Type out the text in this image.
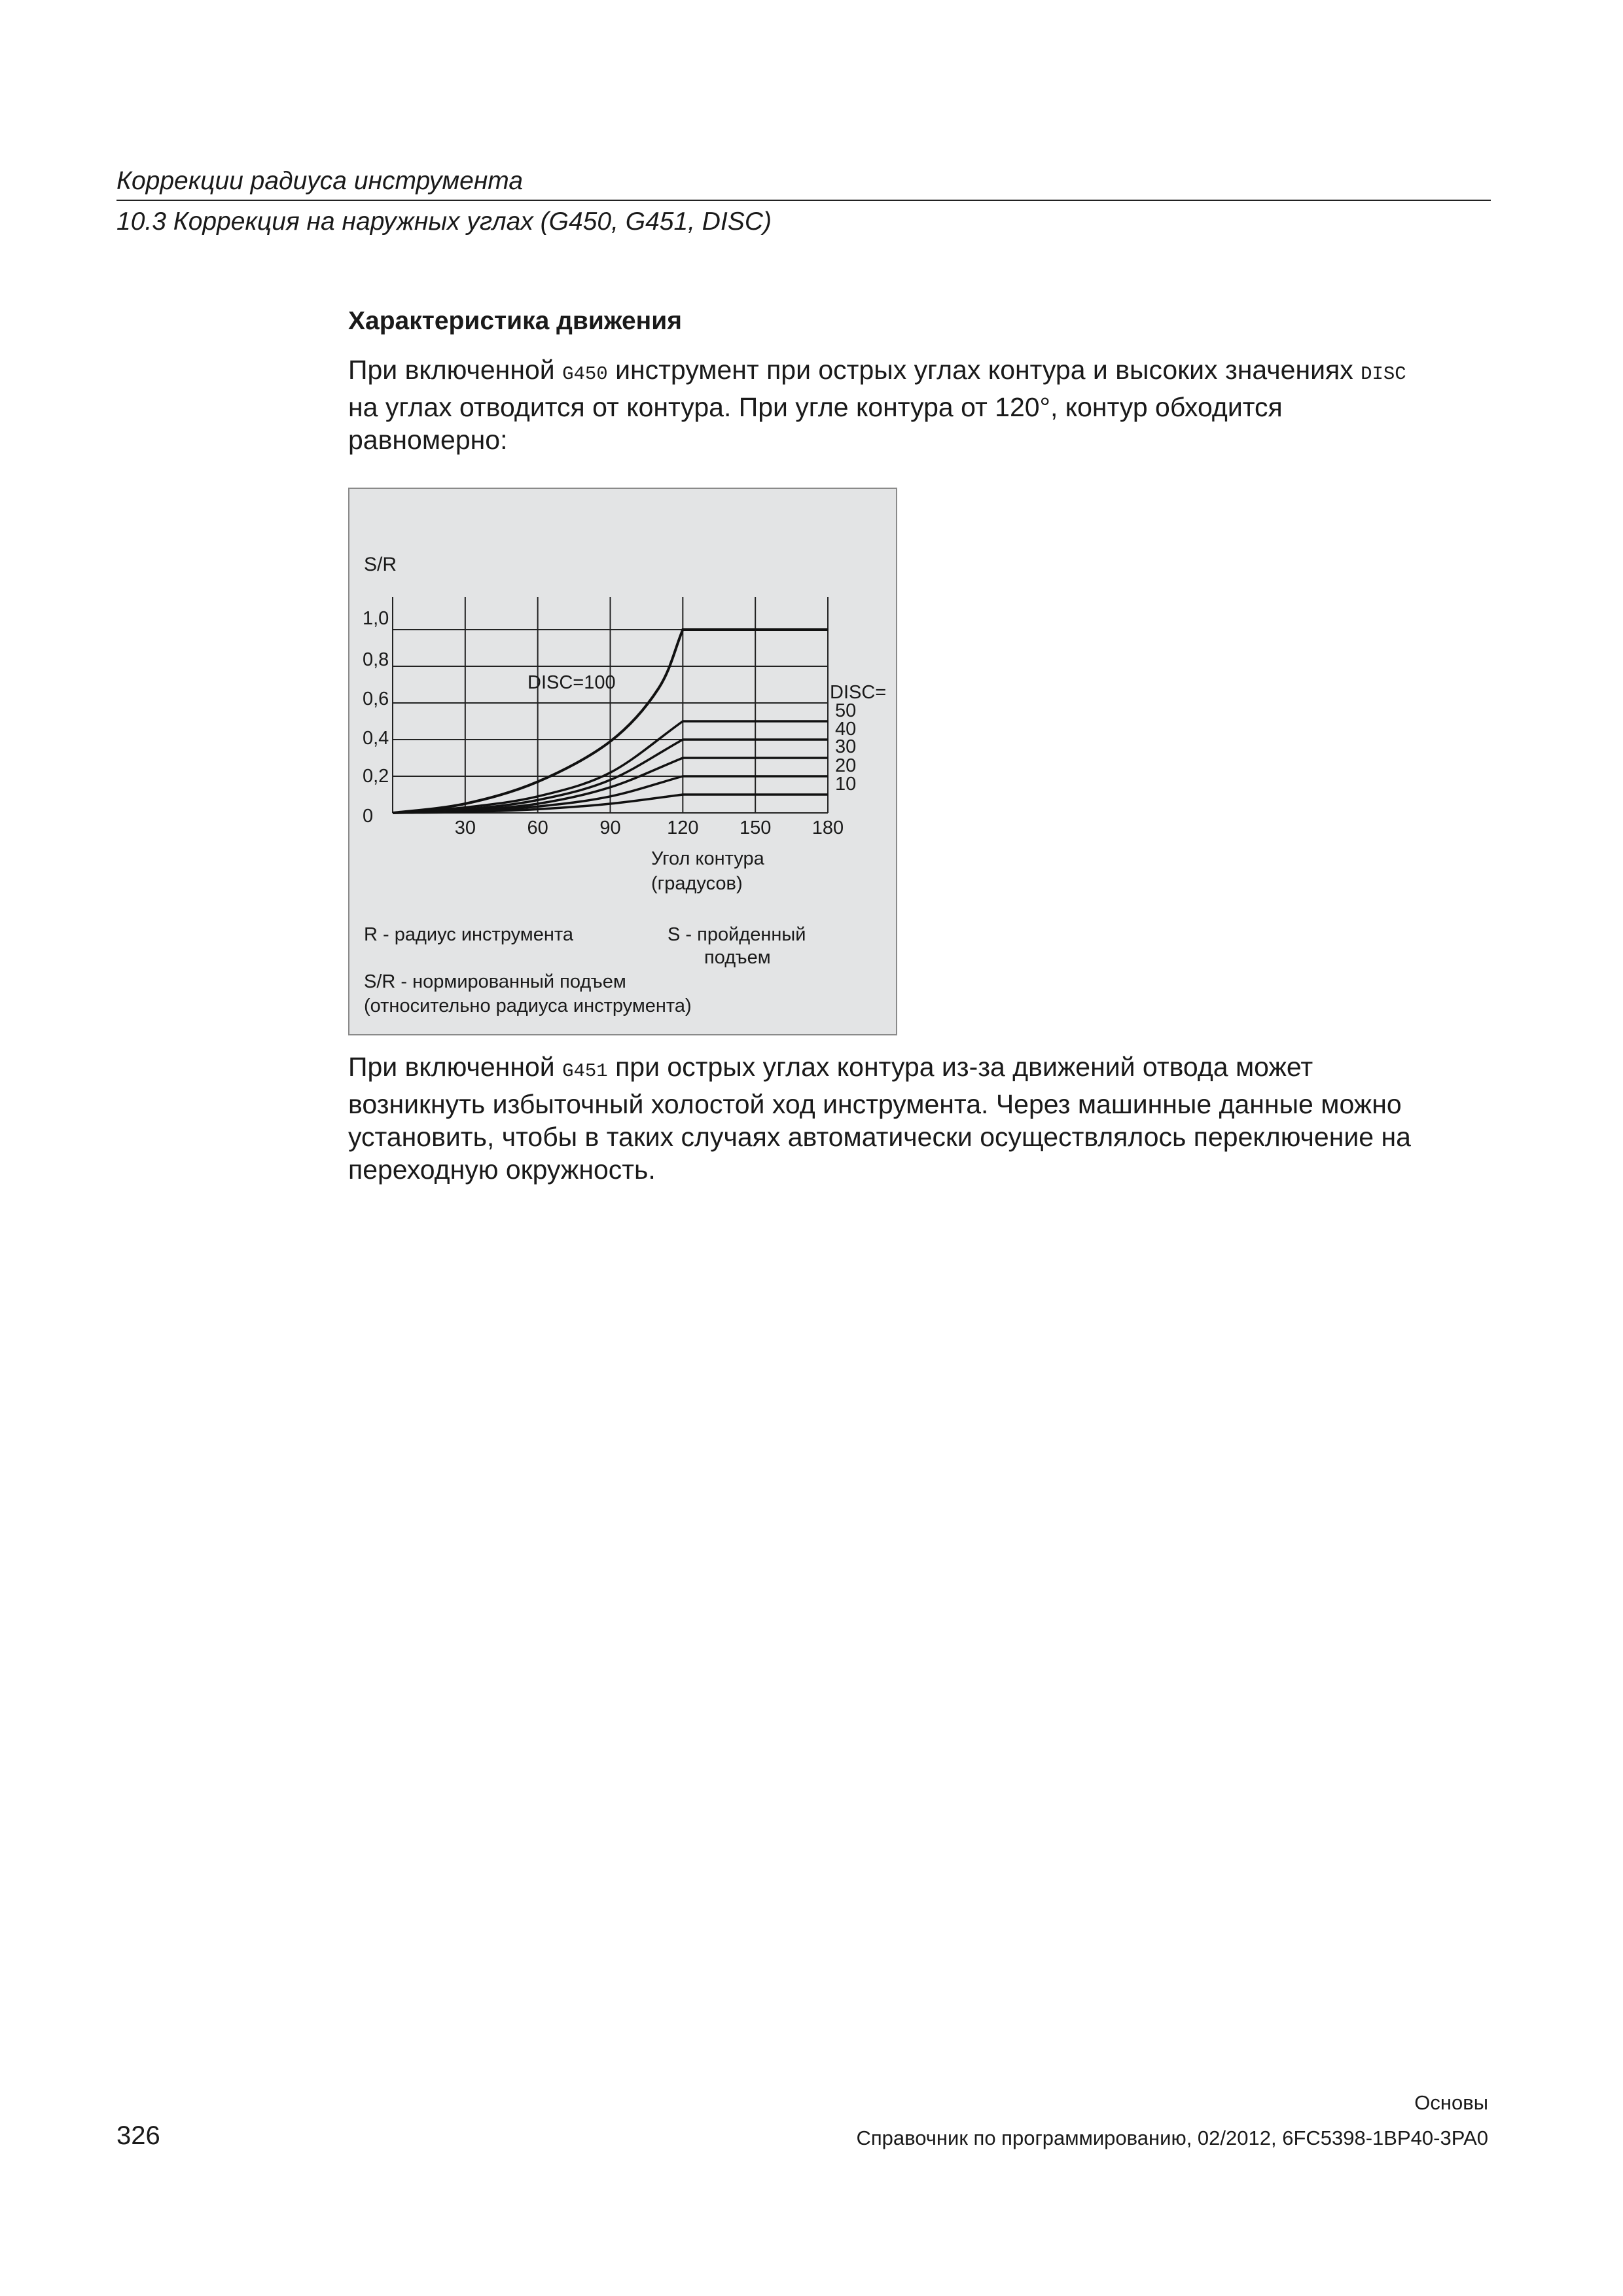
Коррекции радиуса инструмента
10.3 Коррекция на наружных углах (G450, G451, DISC)
Характеристика движения
При включенной G450 инструмент при острых углах контура и высоких значениях DISC
на углах отводится от контура. При угле контура от 120°, контур обходится
равномерно:
S/R
0
0,2
0,4
0,6
0,8
1,0
30	60	90 120 150 180
Угол контура
(градусов)
DISC=100	DISC=
50
40
30
20
10
R - радиус инструмента	S - пройденный
подъем
S/R - нормированный подъем
(относительно радиуса инструмента)
При включенной G451 при острых углах контура из-за движений отвода может
возникнуть избыточный холостой ход инструмента. Через машинные данные можно
установить, чтобы в таких случаях автоматически осуществлялось переключение на
переходную окружность.
Основы
326	Справочник по программированию, 02/2012, 6FC5398-1BP40-3PA0
